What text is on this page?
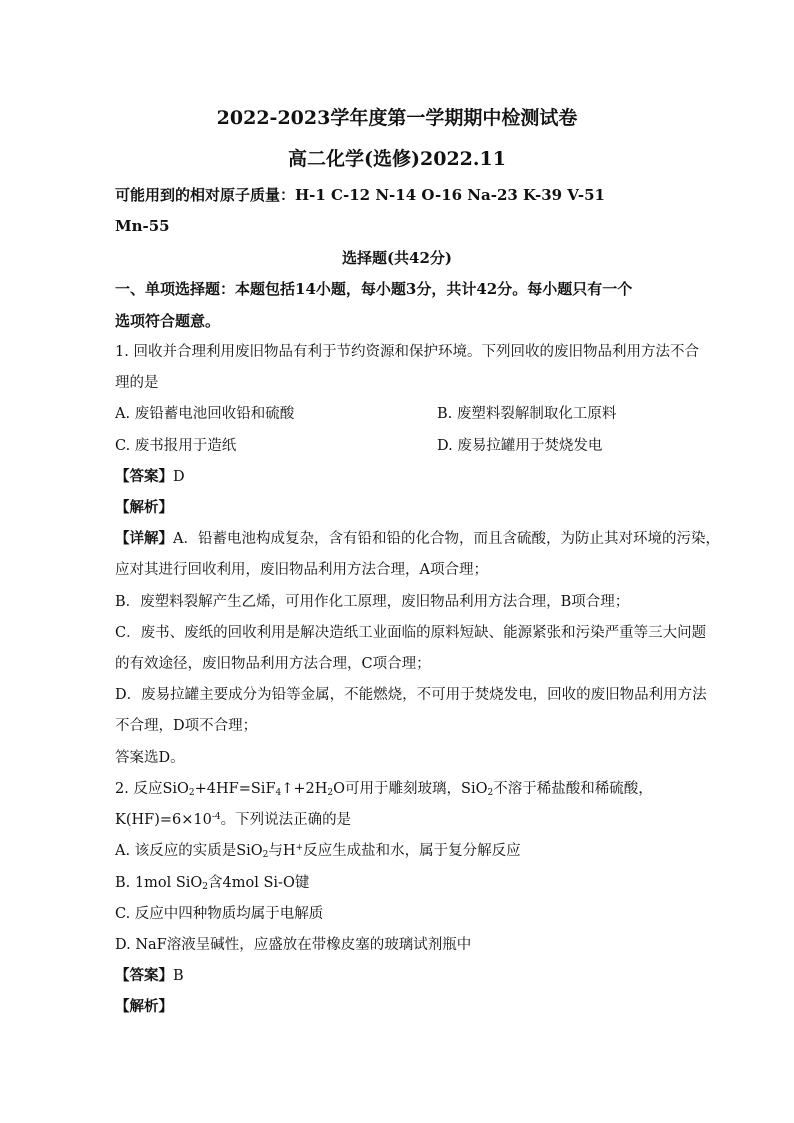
2022-2023学年度第一学期期中检测试卷
高二化学(选修)2022.11
可能用到的相对原子质量：H-1 C-12 N-14 O-16 Na-23 K-39 V-51
Mn-55
选择题(共42分)
一、单项选择题：本题包括14小题，每小题3分，共计42分。每小题只有一个
选项符合题意。
1. 回收并合理利用废旧物品有利于节约资源和保护环境。下列回收的废旧物品利用方法不合
理的是
A. 废铅蓄电池回收铅和硫酸	B. 废塑料裂解制取化工原料
C. 废书报用于造纸	D. 废易拉罐用于焚烧发电
【答案】D
【解析】
【详解】A．铅蓄电池构成复杂，含有铅和铅的化合物，而且含硫酸，为防止其对环境的污染，
应对其进行回收利用，废旧物品利用方法合理，A项合理；
B．废塑料裂解产生乙烯，可用作化工原理，废旧物品利用方法合理，B项合理；
C．废书、废纸的回收利用是解决造纸工业面临的原料短缺、能源紧张和污染严重等三大问题
的有效途径，废旧物品利用方法合理，C项合理；
D．废易拉罐主要成分为铅等金属，不能燃烧，不可用于焚烧发电，回收的废旧物品利用方法
不合理，D项不合理；
答案选D。
2. 反应$SiO_2+4HF=SiF_4↑+2H_2O$可用于雕刻玻璃，SiO$_2$不溶于稀盐酸和稀硫酸，
$K(HF)=6\times 10^{-4}$。下列说法正确的是
A. 该反应的实质是SiO$_2$与H+反应生成盐和水，属于复分解反应
B. 1mol SiO$_2$含4mol Si-O键
C. 反应中四种物质均属于电解质
D. NaF溶液呈碱性，应盛放在带橡皮塞的玻璃试剂瓶中
【答案】B
【解析】
